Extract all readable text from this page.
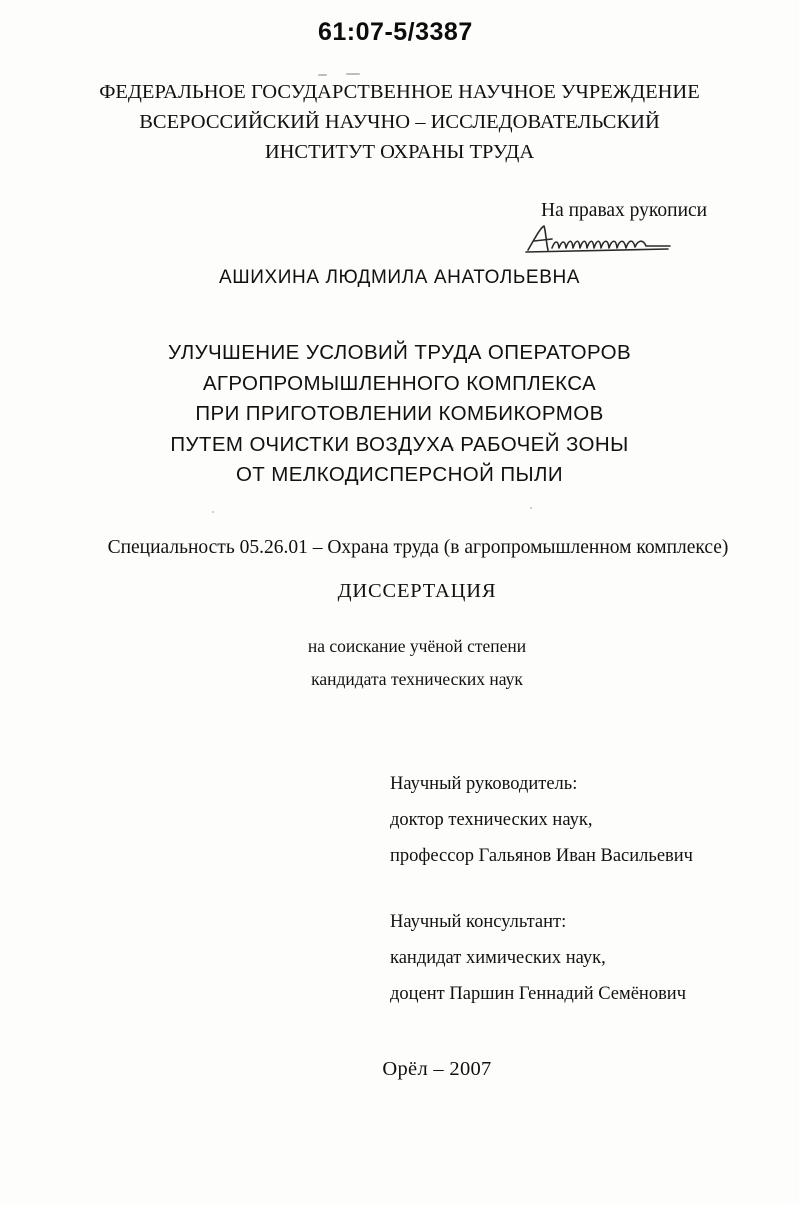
61:07-5/3387
ФЕДЕРАЛЬНОЕ ГОСУДАРСТВЕННОЕ НАУЧНОЕ УЧРЕЖДЕНИЕ
ВСЕРОССИЙСКИЙ НАУЧНО – ИССЛЕДОВАТЕЛЬСКИЙ
ИНСТИТУТ ОХРАНЫ ТРУДА
На правах рукописи
АШИХИНА ЛЮДМИЛА АНАТОЛЬЕВНА
УЛУЧШЕНИЕ УСЛОВИЙ ТРУДА ОПЕРАТОРОВ
АГРОПРОМЫШЛЕННОГО КОМПЛЕКСА
ПРИ ПРИГОТОВЛЕНИИ КОМБИКОРМОВ
ПУТЕМ ОЧИСТКИ ВОЗДУХА РАБОЧЕЙ ЗОНЫ
ОТ МЕЛКОДИСПЕРСНОЙ ПЫЛИ
Специальность 05.26.01 – Охрана труда (в агропромышленном комплексе)
ДИССЕРТАЦИЯ
на соискание учёной степени
кандидата технических наук
Научный руководитель:
доктор технических наук,
профессор Гальянов Иван Васильевич
Научный консультант:
кандидат химических наук,
доцент Паршин Геннадий Семёнович
Орёл – 2007
